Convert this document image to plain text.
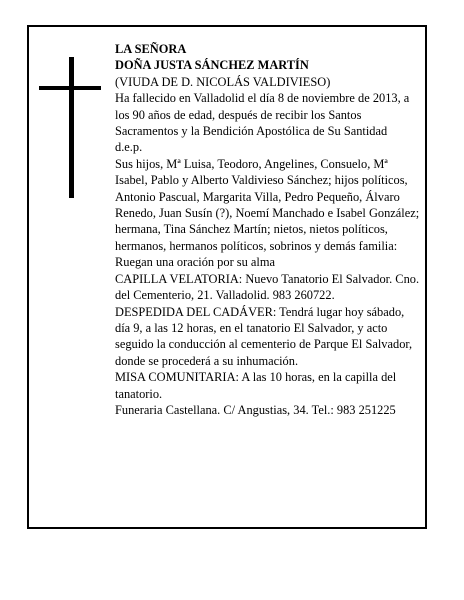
LA SEÑORA

DOÑA JUSTA SÁNCHEZ MARTÍN

(VIUDA DE D. NICOLÁS VALDIVIESO)

Ha fallecido en Valladolid el día 8 de noviembre de 2013, a los 90 años de edad, después de recibir los Santos Sacramentos y la Bendición Apostólica de Su Santidad

d.e.p.

Sus hijos, Mª Luisa, Teodoro, Angelines, Consuelo, Mª Isabel, Pablo y Alberto Valdivieso Sánchez; hijos políticos, Antonio Pascual, Margarita Villa, Pedro Pequeño, Álvaro Renedo, Juan Susín (?), Noemí Manchado e Isabel González; hermana, Tina Sánchez Martín; nietos, nietos políticos, hermanos, hermanos políticos, sobrinos y demás familia:

Ruegan una oración por su alma

CAPILLA VELATORIA: Nuevo Tanatorio El Salvador. Cno. del Cementerio, 21. Valladolid. 983 260722.

DESPEDIDA DEL CADÁVER: Tendrá lugar hoy sábado, día 9, a las 12 horas, en el tanatorio El Salvador, y acto seguido la conducción al cementerio de Parque El Salvador, donde se procederá a su inhumación.

MISA COMUNITARIA: A las 10 horas, en la capilla del tanatorio.

Funeraria Castellana. C/ Angustias, 34. Tel.: 983 251225
